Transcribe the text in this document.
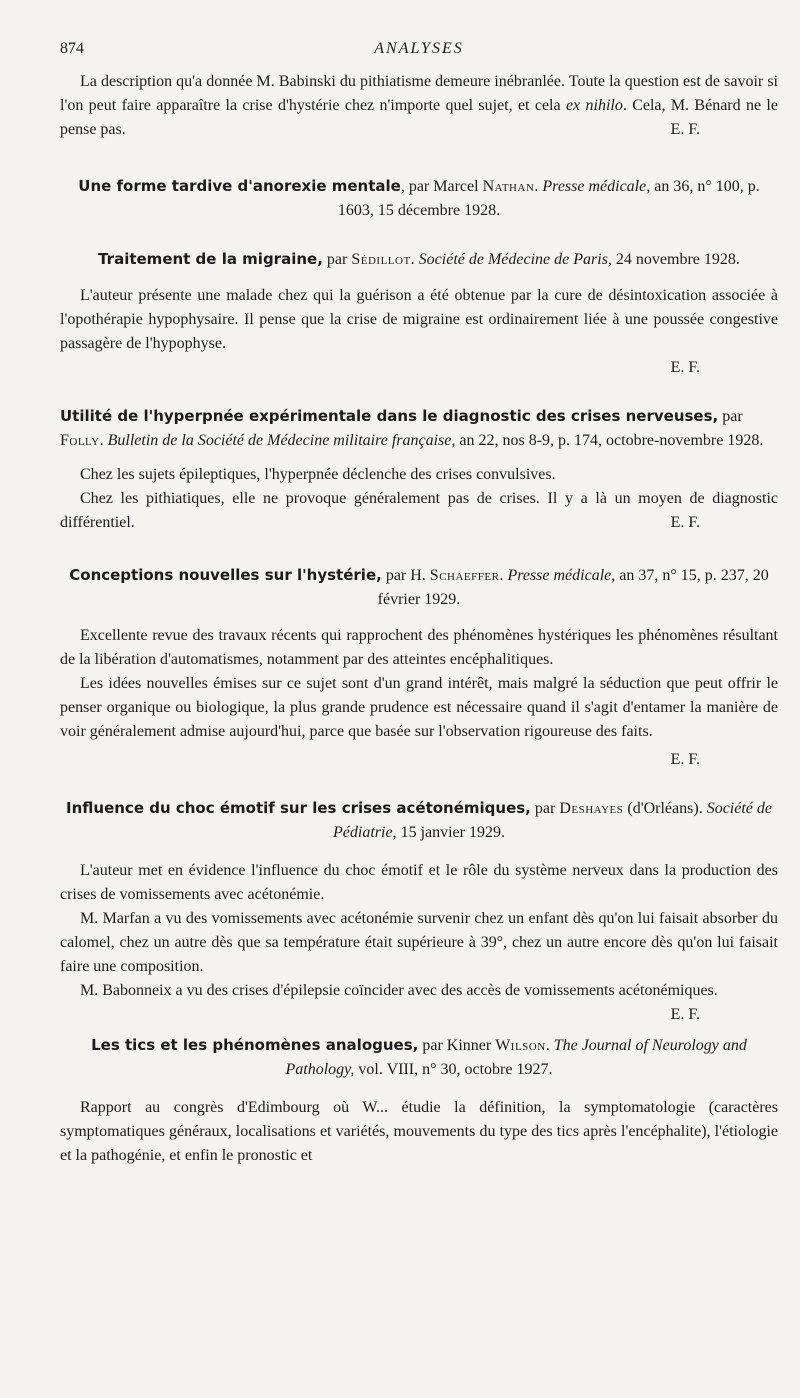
874	ANALYSES

La description qu'a donnée M. Babinski du pithiatisme demeure inébranlée. Toute la question est de savoir si l'on peut faire apparaître la crise d'hystérie chez n'importe quel sujet, et cela ex nihilo. Cela, M. Bénard ne le pense pas.	E. F.

Une forme tardive d'anorexie mentale, par Marcel Nathan. Presse médicale, an 36, n° 100, p. 1603, 15 décembre 1928.

Traitement de la migraine, par Sédillot. Société de Médecine de Paris, 24 novembre 1928.

L'auteur présente une malade chez qui la guérison a été obtenue par la cure de désintoxication associée à l'opothérapie hypophysaire. Il pense que la crise de migraine est ordinairement liée à une poussée congestive passagère de l'hypophyse.

E. F.

Utilité de l'hyperpnée expérimentale dans le diagnostic des crises nerveuses, par Folly. Bulletin de la Société de Médecine militaire française, an 22, nos 8-9, p. 174, octobre-novembre 1928.

Chez les sujets épileptiques, l'hyperpnée déclenche des crises convulsives.

Chez les pithiatiques, elle ne provoque généralement pas de crises. Il y a là un moyen de diagnostic différentiel.	E. F.

Conceptions nouvelles sur l'hystérie, par H. Schaeffer. Presse médicale, an 37, n° 15, p. 237, 20 février 1929.

Excellente revue des travaux récents qui rapprochent des phénomènes hystériques les phénomènes résultant de la libération d'automatismes, notamment par des atteintes encéphalitiques.

Les idées nouvelles émises sur ce sujet sont d'un grand intérêt, mais malgré la séduction que peut offrir le penser organique ou biologique, la plus grande prudence est nécessaire quand il s'agit d'entamer la manière de voir généralement admise aujourd'hui, parce que basée sur l'observation rigoureuse des faits.

E. F.

Influence du choc émotif sur les crises acétonémiques, par Deshayes (d'Orléans). Société de Pédiatrie, 15 janvier 1929.

L'auteur met en évidence l'influence du choc émotif et le rôle du système nerveux dans la production des crises de vomissements avec acétonémie.

M. Marfan a vu des vomissements avec acétonémie survenir chez un enfant dès qu'on lui faisait absorber du calomel, chez un autre dès que sa température était supérieure à 39°, chez un autre encore dès qu'on lui faisait faire une composition.

M. Babonneix a vu des crises d'épilepsie coïncider avec des accès de vomissements acétonémiques.
E. F.

Les tics et les phénomènes analogues, par Kinner Wilson. The Journal of Neurology and Pathology, vol. VIII, n° 30, octobre 1927.

Rapport au congrès d'Edimbourg où W... étudie la définition, la symptomatologie (caractères symptomatiques généraux, localisations et variétés, mouvements du type des tics après l'encéphalite), l'étiologie et la pathogénie, et enfin le pronostic et
